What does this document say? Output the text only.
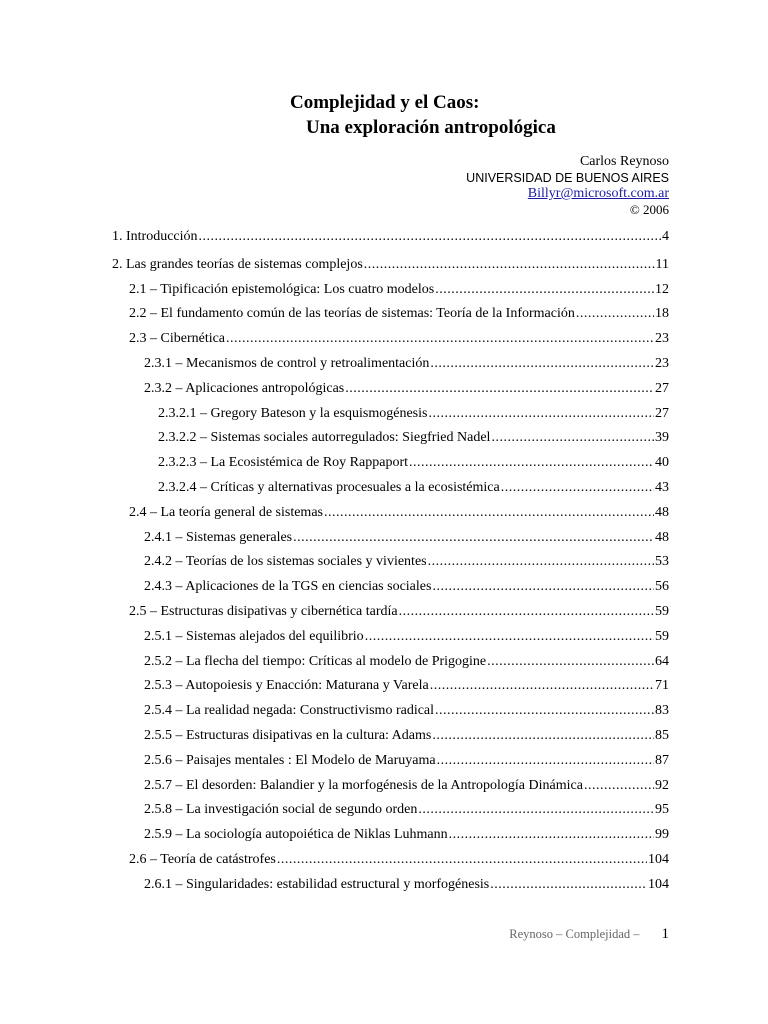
Complejidad y el Caos:
Una exploración antropológica
Carlos Reynoso
UNIVERSIDAD DE BUENOS AIRES
Billyr@microsoft.com.ar
© 2006
1. Introducción .....	4
2. Las grandes teorías de sistemas complejos .....	11
2.1 – Tipificación epistemológica: Los cuatro modelos .....	12
2.2 – El fundamento común de las teorías de sistemas: Teoría de la Información .....	18
2.3 – Cibernética .....	23
2.3.1 – Mecanismos de control y retroalimentación .....	23
2.3.2 – Aplicaciones antropológicas .....	27
2.3.2.1 – Gregory Bateson y la esquismogénesis .....	27
2.3.2.2 – Sistemas sociales autorregulados: Siegfried Nadel .....	39
2.3.2.3 – La Ecosistémica de Roy Rappaport .....	40
2.3.2.4 – Críticas y alternativas procesuales a la ecosistémica .....	43
2.4 – La teoría general de sistemas .....	48
2.4.1 – Sistemas generales .....	48
2.4.2 – Teorías de los sistemas sociales y vivientes .....	53
2.4.3 – Aplicaciones de la TGS en ciencias sociales .....	56
2.5 – Estructuras disipativas y cibernética tardía .....	59
2.5.1 – Sistemas alejados del equilibrio .....	59
2.5.2 – La flecha del tiempo: Críticas al modelo de Prigogine .....	64
2.5.3 – Autopoiesis y Enacción: Maturana y Varela .....	71
2.5.4 – La realidad negada: Constructivismo radical .....	83
2.5.5 – Estructuras disipativas en la cultura: Adams .....	85
2.5.6 – Paisajes mentales : El Modelo de Maruyama .....	87
2.5.7 – El desorden: Balandier y la morfogénesis de la Antropología Dinámica .....	92
2.5.8 – La investigación social de segundo orden .....	95
2.5.9 – La sociología autopoiética de Niklas Luhmann .....	99
2.6 – Teoría de catástrofes .....	104
2.6.1 – Singularidades: estabilidad estructural y morfogénesis .....	104
Reynoso – Complejidad – 1
